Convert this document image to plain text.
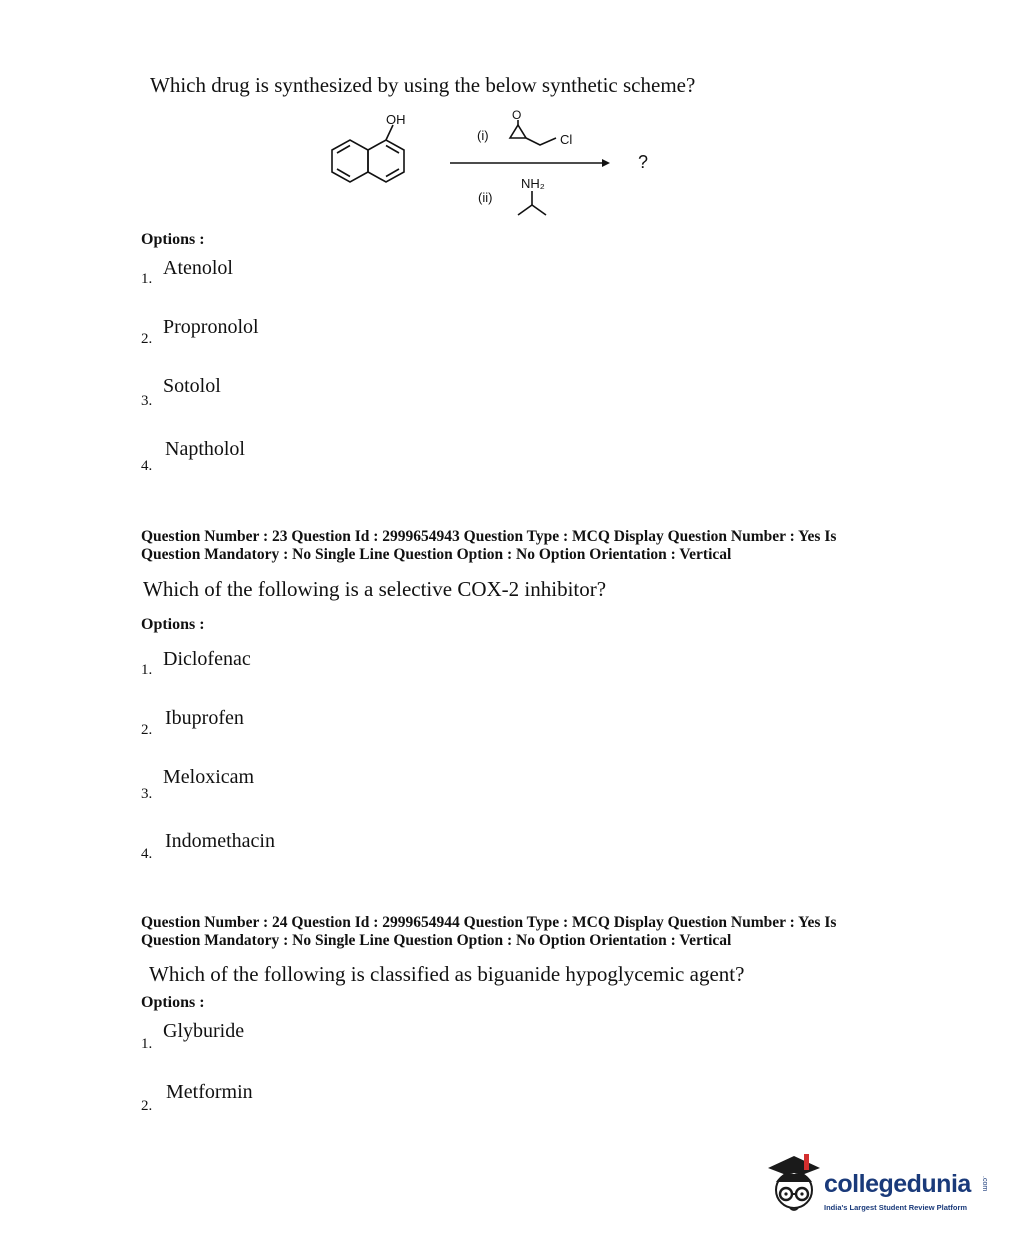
Which drug is synthesized by using the below synthetic scheme?
OH
(i)
O
Cl
(ii)
NH₂
?
Options :
Atenolol
1.
Propronolol
2.
Sotolol
3.
Naptholol
4.
Question Number : 23 Question Id : 2999654943 Question Type : MCQ Display Question Number : Yes Is
Question Mandatory : No Single Line Question Option : No Option Orientation : Vertical
Which of the following is a selective COX-2 inhibitor?
Options :
Diclofenac
1.
Ibuprofen
2.
Meloxicam
3.
Indomethacin
4.
Question Number : 24 Question Id : 2999654944 Question Type : MCQ Display Question Number : Yes Is
Question Mandatory : No Single Line Question Option : No Option Orientation : Vertical
Which of the following is classified as biguanide hypoglycemic agent?
Options :
Glyburide
1.
Metformin
2.
collegedunia .com
India's Largest Student Review Platform
